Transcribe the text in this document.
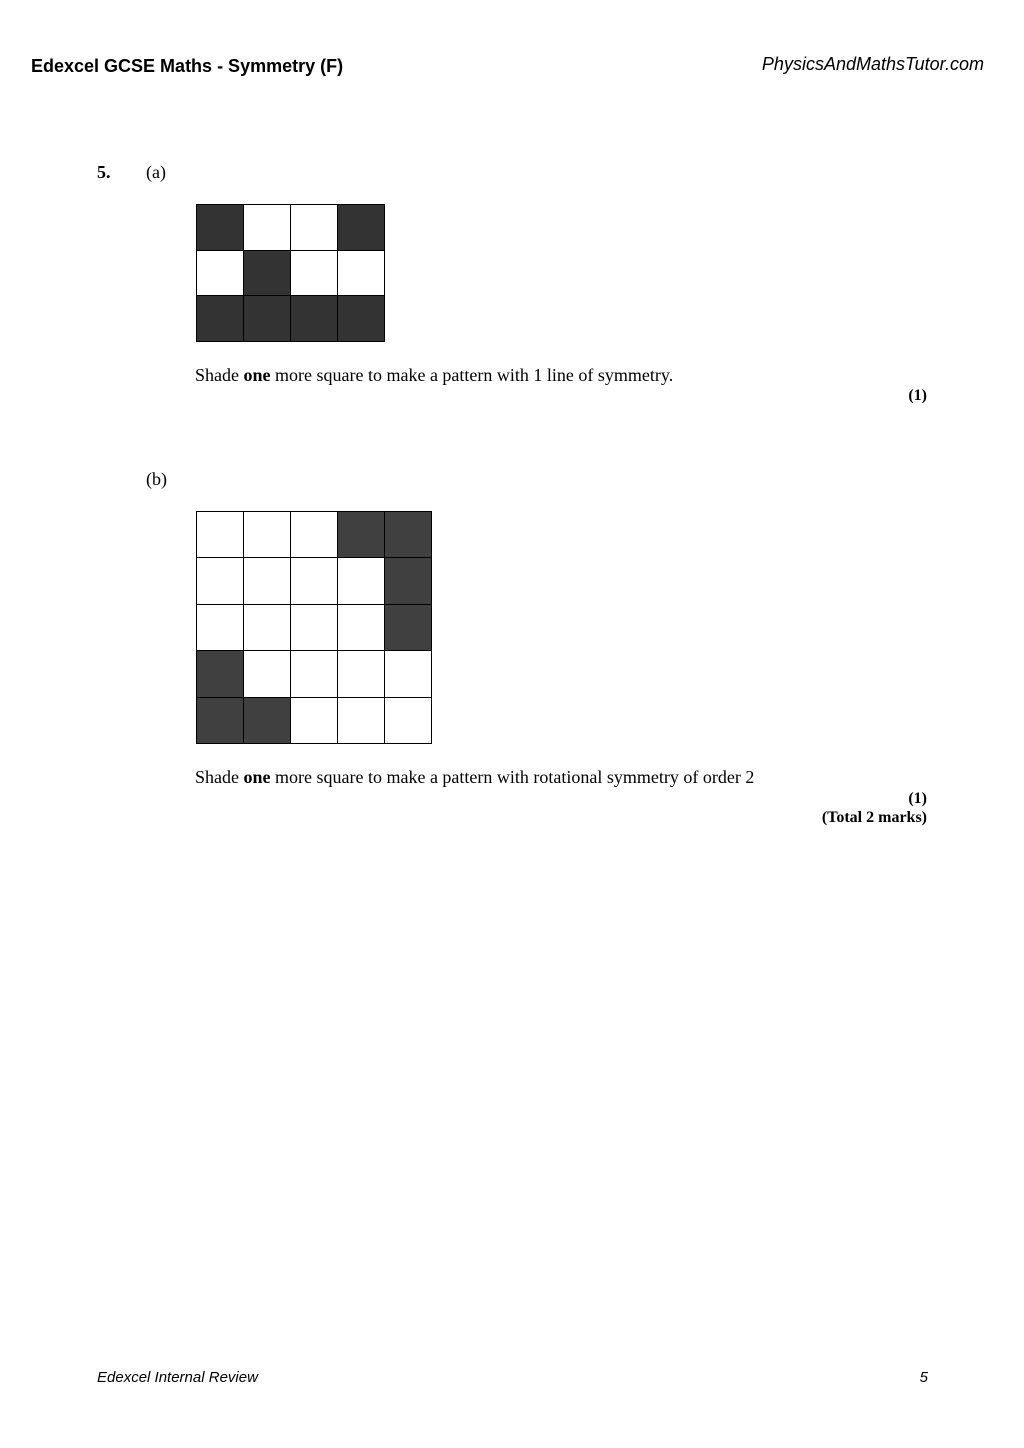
Edexcel GCSE Maths - Symmetry (F)	PhysicsAndMathsTutor.com
5. (a)
Shade one more square to make a pattern with 1 line of symmetry.
(1)
(b)
Shade one more square to make a pattern with rotational symmetry of order 2
(1)
(Total 2 marks)
Edexcel Internal Review	5
